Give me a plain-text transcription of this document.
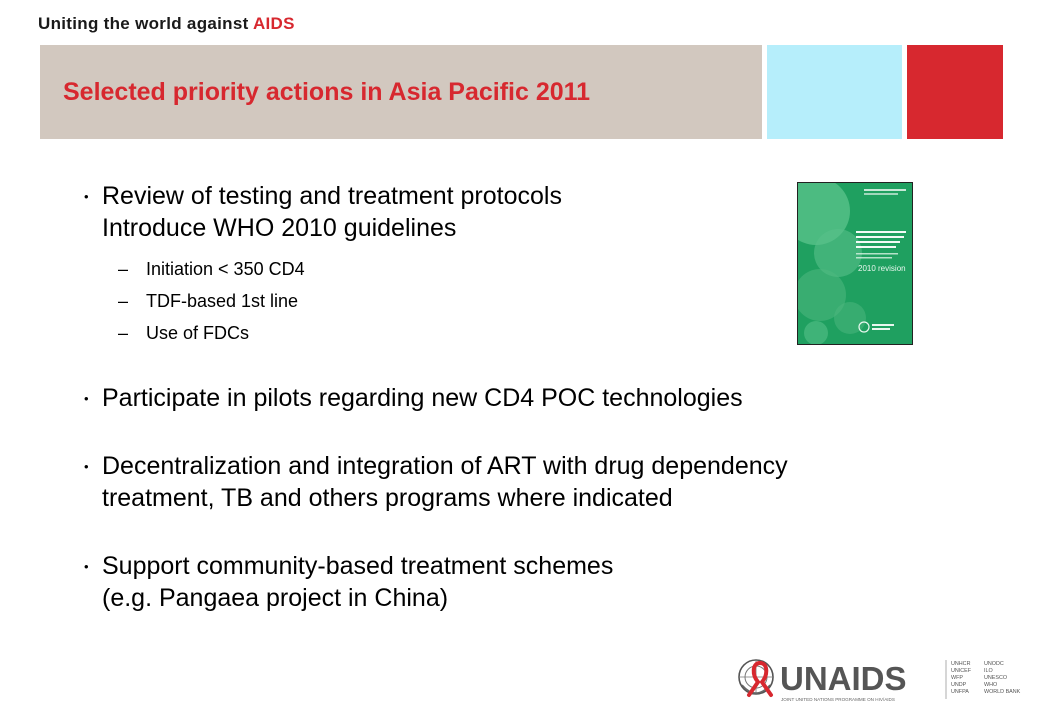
Uniting the world against AIDS
Selected priority actions in Asia Pacific 2011
• Review of testing and treatment protocols
Introduce WHO 2010 guidelines
– Initiation < 350 CD4
– TDF-based 1st line
– Use of FDCs
• Participate in pilots regarding new CD4 POC technologies
• Decentralization and integration of ART with drug dependency
treatment, TB and others programs where indicated
• Support community-based treatment schemes
(e.g. Pangaea project in China)
2010 revision
UNAIDS
JOINT UNITED NATIONS PROGRAMME ON HIV/AIDS
UNHCR
UNICEF
WFP
UNDP
UNFPA
UNODC
ILO
UNESCO
WHO
WORLD BANK
